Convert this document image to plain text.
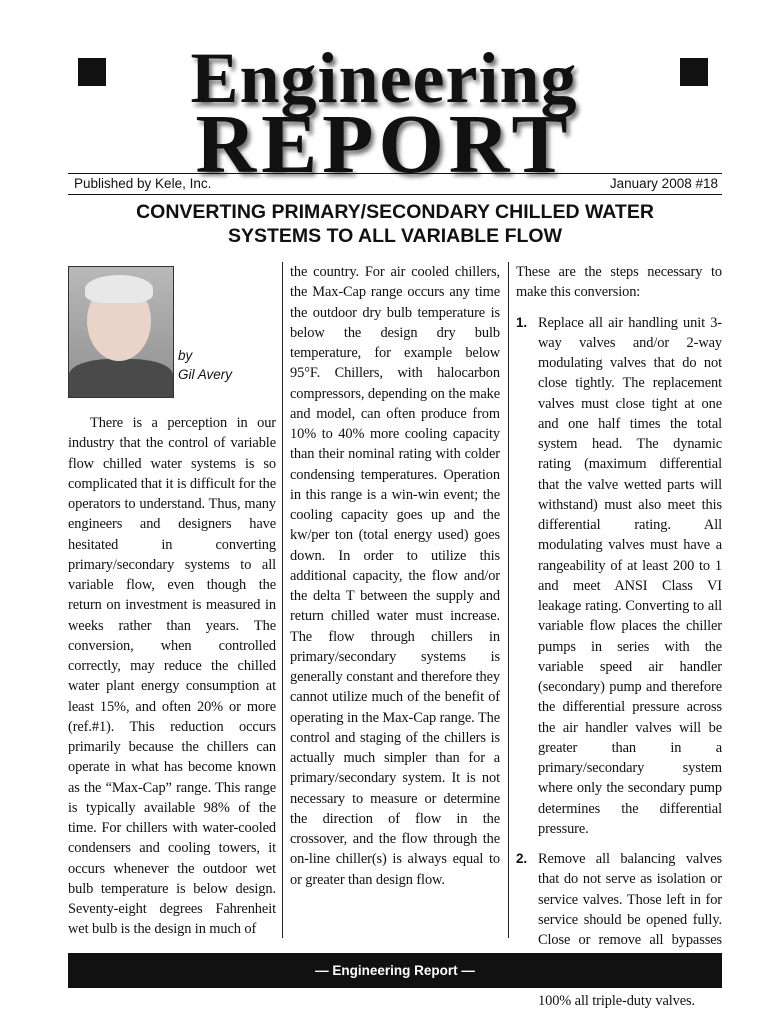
Engineering
REPORT
Published by Kele, Inc.	January 2008 #18
CONVERTING PRIMARY/SECONDARY CHILLED WATER
SYSTEMS TO ALL VARIABLE FLOW
by
Gil Avery

There is a perception in our industry that the control of variable flow chilled water systems is so complicated that it is difficult for the operators to understand. Thus, many engineers and designers have hesitated in converting primary/secondary systems to all variable flow, even though the return on investment is measured in weeks rather than years. The conversion, when controlled correctly, may reduce the chilled water plant energy consumption at least 15%, and often 20% or more (ref.#1). This reduction occurs primarily because the chillers can operate in what has become known as the “Max-Cap” range. This range is typically available 98% of the time. For chillers with water-cooled condensers and cooling towers, it occurs whenever the outdoor wet bulb temperature is below design. Seventy-eight degrees Fahrenheit wet bulb is the design in much of

the country. For air cooled chillers, the Max-Cap range occurs any time the outdoor dry bulb temperature is below the design dry bulb temperature, for example below 95°F. Chillers, with halocarbon compressors, depending on the make and model, can often produce from 10% to 40% more cooling capacity than their nominal rating with colder condensing temperatures. Operation in this range is a win-win event; the cooling capacity goes up and the kw/per ton (total energy used) goes down. In order to utilize this additional capacity, the flow and/or the delta T between the supply and return chilled water must increase. The flow through chillers in primary/secondary systems is generally constant and therefore they cannot utilize much of the benefit of operating in the Max-Cap range. The control and staging of the chillers is actually much simpler than for a primary/secondary system. It is not necessary to measure or determine the direction of flow in the crossover, and the flow through the on-line chiller(s) is always equal to or greater than design flow.

These are the steps necessary to make this conversion:

1. Replace all air handling unit 3-way valves and/or 2-way modulating valves that do not close tightly. The replacement valves must close tight at one and one half times the total system head. The dynamic rating (maximum differential that the valve wetted parts will withstand) must also meet this differential rating. All modulating valves must have a rangeability of at least 200 to 1 and meet ANSI Class VI leakage rating. Converting to all variable flow places the chiller pumps in series with the variable speed air handler (secondary) pump and therefore the differential pressure across the air handler valves will be greater than in a primary/secondary system where only the secondary pump determines the differential pressure.

2. Remove all balancing valves that do not serve as isolation or service valves. Those left in for service should be opened fully. Close or remove all bypasses 100% all triple-duty valves.

— Engineering Report —
